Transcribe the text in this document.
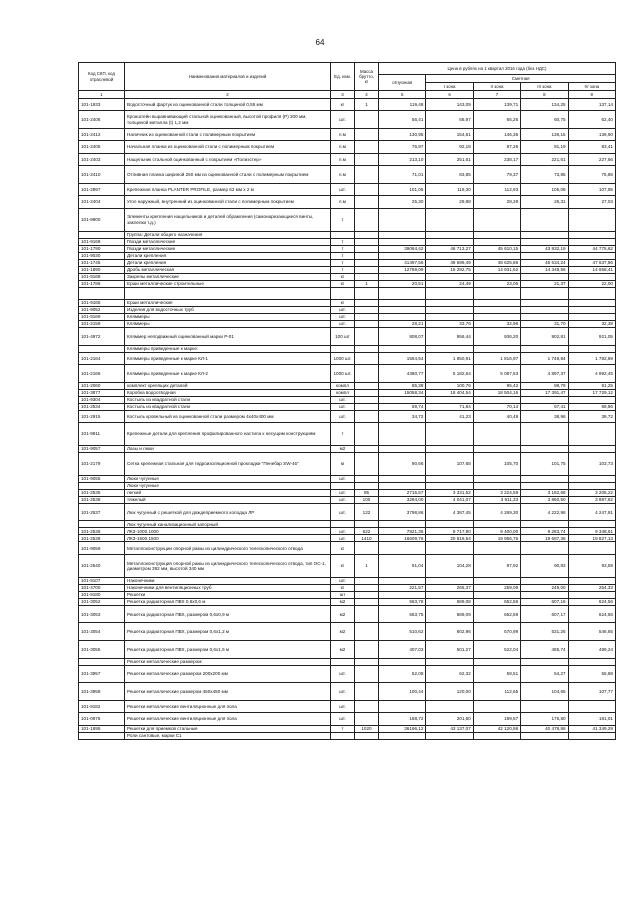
64
Код СКП, код отраслевой	Наименования материалов и изделий	Ед. изм.	Масса брутто, кг	Цена в рублях на 1 квартал 2016 года (без НДС)				
				отпускная	Сметная			
					I зона	II зона	III зона	IV зона
1	2	3	4	5	6	7	8	9
101-1933	Водосточный фартук из оцинкованной стали толщиной 0,55 мм	кг	1	119,48	143,09	139,71	134,25	137,14
101-2406	Кронштейн выравнивающий стальной оцинкованный, высотой профиля (Р) 200 мм, толщиной металла (t) 1,2 мм	шт.		56,41	68,97	65,26	60,75	62,40
101-2412	Наличник из оцинкованной стали с полимерным покрытием	п.м		130,95	154,61	146,36	136,15	139,90
101-2405	Начальная планка из оцинкованной стали с полимерным покрытием	п.м		76,97	92,18	87,26	81,19	83,41
101-2403	Нащельник стальной оцинкованный с покрытием «Полиэстер»	п.м		213,10	251,61	238,17	221,61	227,66
101-2410	Отливная планка шириной 250 мм из оцинкованной стали с полимерным покрытием	п.м		71,01	83,85	79,37	73,85	75,86
101-2997	Крепежная планка PLANTER PROFILE, размер 62 мм х 2 м	шт.		101,05	119,30	112,93	105,08	107,95
101-2404	Угол наружный, внутренний из оцинкованной стали с полимерным покрытием	п.м		25,30	29,88	28,28	26,31	27,03
101-9900	Элементы крепления нащельников и деталей обрамления (самонарезающиеся винты, заклепки т.д.)	т						
	Группа: Детали общего назначения							
101-9168	Гвозди металлические	т						
101-1790	Гвозди металлические	т		39064,42	46 713,27	45 610,15	43 832,19	44 775,62
101-9030	Детали крепления	т						
101-1745	Детали крепления	т		41497,56	49 699,49	48 625,86	46 634,24	47 637,86
101-1890	Дробь металлическая	т		12769,09	15 292,75	14 931,62	14 349,56	14 658,41
101-9168	Закрепы металлические	кг						
101-1786	Ерши металлические строительные	кг	1	20,51	24,49	23,05	21,37	22,00

101-9165	Ерши металлические	кг						
101-9052	Изделия для водосточных труб	шт.						
101-9169	Кляммеры	шт.						
101-2159	Кляммеры	шт.		28,21	33,76	32,96	31,70	32,38
101-4972	Кляммер неподвижный оцинкованный марки Р-01	100 шт		808,07	956,44	936,20	902,81	921,05
	Кляммеры приведенные к марке:							
101-2164	Кляммеры приведенные к марке КЛ-1	1000 шт.		1564,54	1 850,91	1 816,97	1 749,84	1 782,89
101-2166	Кляммеры приведенные к марке КЛ-2	1000 шт.		4380,77	5 182,64	5 087,53	4 897,37	4 992,45
101-2060	комплект крепящих деталей	компл		85,38	100,76	95,42	88,79	91,25
101-3877	Коробка водоотводная	компл		15058,34	18 404,54	18 504,16	17 391,47	17 729,12
101-9304	Костыль из квадратной стали	шт.						
101-2534	Костыль из квадратной стали	шт.		59,74	71,84	70,14	67,41	68,86
101-2915	Костыль кровельный из оцинкованной стали размером 4х40х400 мм	шт.		34,72	41,23	40,48	38,96	39,72
101-9911	Крепежные детали для крепления профилированного настила к несущим конструкциям	т						
101-9057	Лазы и люки	м2						
101-2179	Сетка крепежная стальная для гидроизоляционной прокладки "Пенебар SW-45"	м		90,66	107,68	105,70	101,75	103,73
101-9055	Люки чугунные	шт.						
	Люки чугунные							
101-2535	легкий	шт.	85	2715,57	3 331,52	3 224,59	3 182,68	3 205,22
101-2538	тяжелый	шт.	100	3294,00	4 041,07	3 911,33	3 860,50	3 887,82
101-2537	Люк чугунный с решеткой для дождеприемного колодца ЛР	шт.	122	3798,86	4 387,45	4 269,30	4 222,98	4 247,91
	Люк чугунный канализационный запорный							
101-2536	ЛКЗ-1000.1000	шт.	622	7821,35	9 717,90	9 400,00	9 283,74	9 348,61
101-2539	ЛКЗ-1500.1500	шт.	1410	16609,76	20 616,54	19 956,76	19 687,36	19 827,13
101-9059	Металлоконструкции опорной рамы из цилиндрического телескопического отвода	кг						
101-2540	Металлоконструкция опорной рамы из цилиндрического телескопического отвода, тип ОС-1, диаметром 392 мм, высотой 340 мм	кг	1	91,04	104,28	97,92	90,83	93,59
101-9107	Наконечники	шт.						
101-4700	Наконечники для вентиляционных труб	кг		221,57	265,37	259,09	249,00	254,33
101-9180	Решетки	шт						
101-3052	Решетка радиаторная ПВХ 0,6х0,6 м	м2		563,78	689,08	652,56	607,16	624,56
101-3053	Решетка радиаторная ПВХ, размером 0,6х0,9 м	м2		563,75	689,09	652,59	607,17	624,56
101-3054	Решетка радиаторная ПВХ, размером 0,6х1,2 м	м2		510,62	602,96	570,99	531,26	546,65
101-3055	Решетка радиаторная ПВХ, размером 0,6х1,5 м	м2		407,03	501,27	522,04	485,74	499,24
	Решетки металлические размером:							
101-3957	Решетки металлические размером 200х200 мм	шт.		52,08	62,32	58,51	54,27	55,88
101-3958	Решетки металлические размером 450х450 мм	шт.		100,44	120,00	112,65	104,65	107,77
101-9182	Решетки металлические вентиляционные для пола	шт.						
101-0976	Решетки металлические вентиляционные для пола	шт.		168,72	201,60	189,57	175,80	181,01
101-1895	Решетки для приемков стальные	т	1020	36196,12	43 137,07	42 120,98	40 478,86	41 349,29
	Роли сантовые, марки С1							
